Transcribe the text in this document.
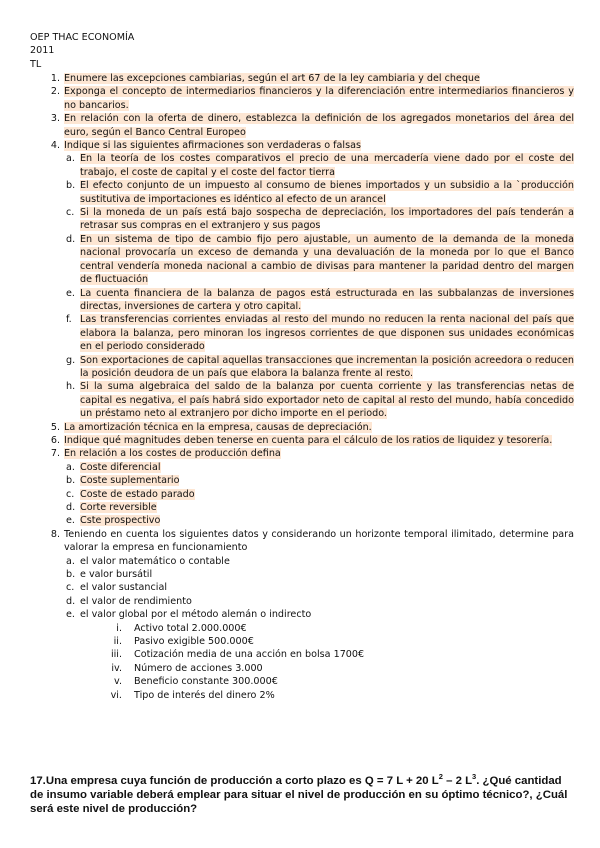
OEP THAC ECONOMÍA
2011
TL
1. Enumere las excepciones cambiarias, según el art 67 de la ley cambiaria y del cheque
2. Exponga el concepto de intermediarios financieros y la diferenciación entre intermediarios financieros y no bancarios.
3. En relación con la oferta de dinero, establezca la definición de los agregados monetarios del área del euro, según el Banco Central Europeo
4. Indique si las siguientes afirmaciones son verdaderas o falsas
a. En la teoría de los costes comparativos el precio de una mercadería viene dado por el coste del trabajo, el coste de capital y el coste del factor tierra
b. El efecto conjunto de un impuesto al consumo de bienes importados y un subsidio a la `producción sustitutiva de importaciones es idéntico al efecto de un arancel
c. Si la moneda de un país está bajo sospecha de depreciación, los importadores del país tenderán a retrasar sus compras en el extranjero y sus pagos
d. En un sistema de tipo de cambio fijo pero ajustable, un aumento de la demanda de la moneda nacional provocaría un exceso de demanda y una devaluación de la moneda por lo que el Banco central vendería moneda nacional a cambio de divisas para mantener la paridad dentro del margen de fluctuación
e. La cuenta financiera de la balanza de pagos está estructurada en las subbalanzas de inversiones directas, inversiones de cartera y otro capital.
f. Las transferencias corrientes enviadas al resto del mundo no reducen la renta nacional del país que elabora la balanza, pero minoran los ingresos corrientes de que disponen sus unidades económicas en el periodo considerado
g. Son exportaciones de capital aquellas transacciones que incrementan la posición acreedora o reducen la posición deudora de un país que elabora la balanza frente al resto.
h. Si la suma algebraica del saldo de la balanza por cuenta corriente y las transferencias netas de capital es negativa, el país habrá sido exportador neto de capital al resto del mundo, había concedido un préstamo neto al extranjero por dicho importe en el periodo.
5. La amortización técnica en la empresa, causas de depreciación.
6. Indique qué magnitudes deben tenerse en cuenta para el cálculo de los ratios de liquidez y tesorería.
7. En relación a los costes de producción defina
a. Coste diferencial
b. Coste suplementario
c. Coste de estado parado
d. Corte reversible
e. Cste prospectivo
8. Teniendo en cuenta los siguientes datos y considerando un horizonte temporal ilimitado, determine para valorar la empresa en funcionamiento
a. el valor matemático o contable
b. e valor bursátil
c. el valor sustancial
d. el valor de rendimiento
e. el valor global por el método alemán o indirecto
i. Activo total 2.000.000€
ii. Pasivo exigible 500.000€
iii. Cotización media de una acción en bolsa 1700€
iv. Número de acciones 3.000
v. Beneficio constante 300.000€
vi. Tipo de interés del dinero 2%
17.Una empresa cuya función de producción a corto plazo es Q = 7 L + 20 $L^2 - 2$ $L^3$. ¿Qué cantidad de insumo variable deberá emplear para situar el nivel de producción en su óptimo técnico?, ¿Cuál será este nivel de producción?
